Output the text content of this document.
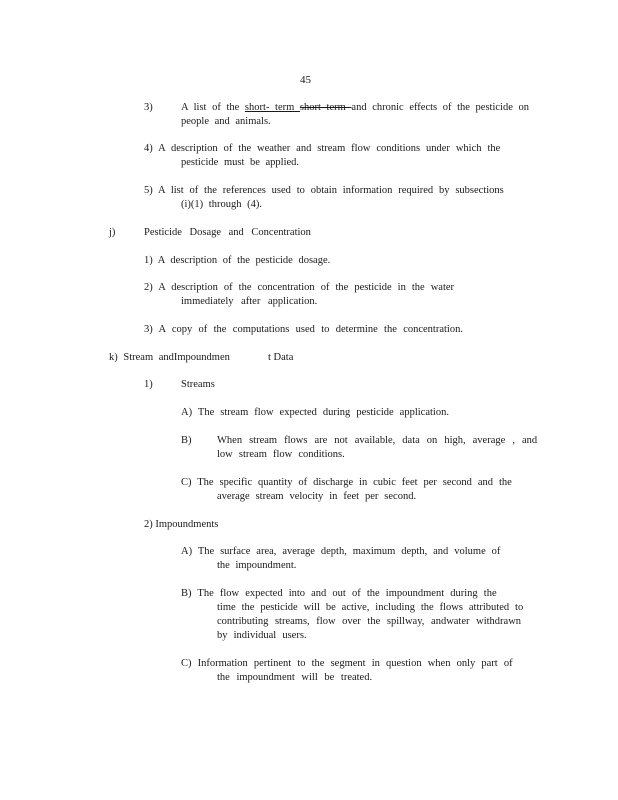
45
3)	A list of the short- term short term and chronic effects of the pesticide on
people and animals.
4) A description of the weather and stream flow conditions under which the
pesticide must be applied.
5) A list of the references used to obtain information required by subsections
(i)(1) through (4).
j)	Pesticide Dosage and Concentration
1) A description of the pesticide dosage.
2) A description of the concentration of the pesticide in the water
immediately after application.
3) A copy of the computations used to determine the concentration.
k) Stream andImpoundmen	t Data
1)	Streams
A) The stream flow expected during pesticide application.
B) When stream flows are not available, data on high, average , and
low stream flow conditions.
C) The specific quantity of discharge in cubic feet per second and the
average stream velocity in feet per second.
2) Impoundments
A) The surface area, average depth, maximum depth, and volume of
the impoundment.
B) The flow expected into and out of the impoundment during the
time the pesticide will be active, including the flows attributed to
contributing streams, flow over the spillway, andwater withdrawn
by individual users.
C) Information pertinent to the segment in question when only part of
the impoundment will be treated.
